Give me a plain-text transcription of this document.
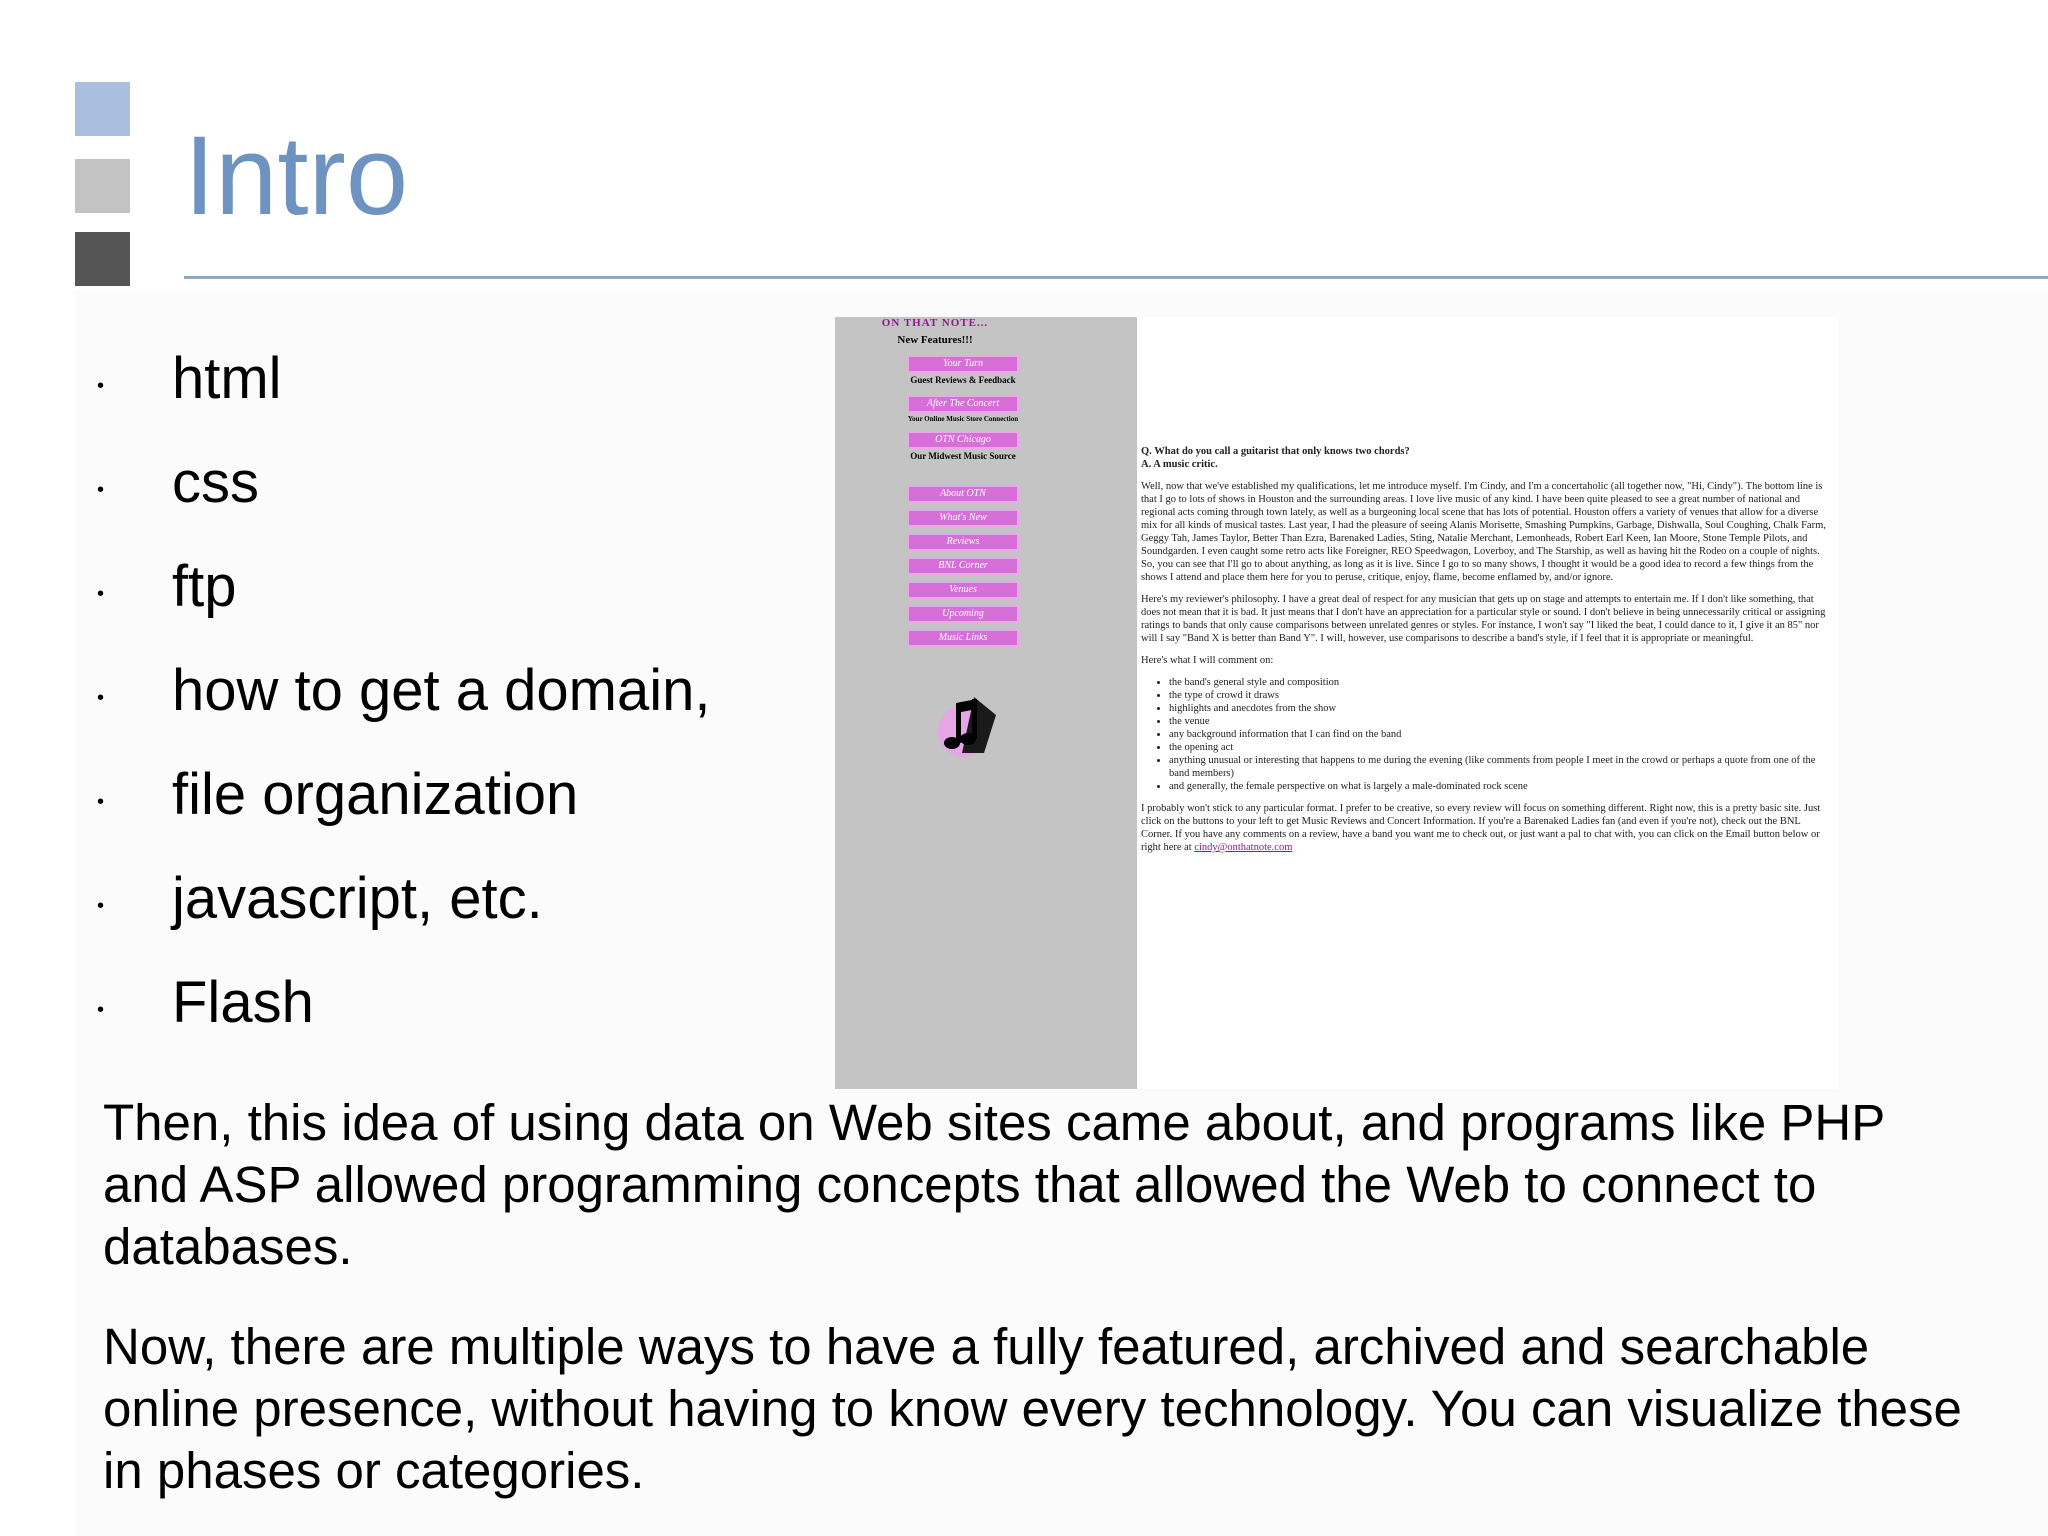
Intro
• html
• css
• ftp
• how to get a domain,
• file organization
• javascript, etc.
• Flash
ON THAT NOTE...
New Features!!!
Your Turn
Guest Reviews & Feedback
After The Concert
Your Online Music Store Connection
OTN Chicago
Our Midwest Music Source
About OTN
What's New
Reviews
BNL Corner
Venues
Upcoming
Music Links

Q. What do you call a guitarist that only knows two chords?

A. A music critic.

Well, now that we've established my qualifications, let me introduce myself. I'm Cindy, and I'm a concertaholic (all together now, "Hi, Cindy"). The bottom line is that I go to lots of shows in Houston and the surrounding areas. I love live music of any kind. I have been quite pleased to see a great number of national and regional acts coming through town lately, as well as a burgeoning local scene that has lots of potential. Houston offers a variety of venues that allow for a diverse mix for all kinds of musical tastes. Last year, I had the pleasure of seeing Alanis Morisette, Smashing Pumpkins, Garbage, Dishwalla, Soul Coughing, Chalk Farm, Geggy Tah, James Taylor, Better Than Ezra, Barenaked Ladies, Sting, Natalie Merchant, Lemonheads, Robert Earl Keen, Ian Moore, Stone Temple Pilots, and Soundgarden. I even caught some retro acts like Foreigner, REO Speedwagon, Loverboy, and The Starship, as well as having hit the Rodeo on a couple of nights. So, you can see that I'll go to about anything, as long as it is live. Since I go to so many shows, I thought it would be a good idea to record a few things from the shows I attend and place them here for you to peruse, critique, enjoy, flame, become enflamed by, and/or ignore.

Here's my reviewer's philosophy. I have a great deal of respect for any musician that gets up on stage and attempts to entertain me. If I don't like something, that does not mean that it is bad. It just means that I don't have an appreciation for a particular style or sound. I don't believe in being unnecessarily critical or assigning ratings to bands that only cause comparisons between unrelated genres or styles. For instance, I won't say "I liked the beat, I could dance to it, I give it an 85" nor will I say "Band X is better than Band Y". I will, however, use comparisons to describe a band's style, if I feel that it is appropriate or meaningful.

Here's what I will comment on:

• the band's general style and composition
• the type of crowd it draws
• highlights and anecdotes from the show
• the venue
• any background information that I can find on the band
• the opening act
• anything unusual or interesting that happens to me during the evening (like comments from people I meet in the crowd or perhaps a quote from one of the band members)
• and generally, the female perspective on what is largely a male-dominated rock scene

I probably won't stick to any particular format. I prefer to be creative, so every review will focus on something different. Right now, this is a pretty basic site. Just click on the buttons to your left to get Music Reviews and Concert Information. If you're a Barenaked Ladies fan (and even if you're not), check out the BNL Corner. If you have any comments on a review, have a band you want me to check out, or just want a pal to chat with, you can click on the Email button below or right here at cindy@onthatnote.com

Then, this idea of using data on Web sites came about, and programs like PHP and ASP allowed programming concepts that allowed the Web to connect to databases.

Now, there are multiple ways to have a fully featured, archived and searchable online presence, without having to know every technology. You can visualize these in phases or categories.
